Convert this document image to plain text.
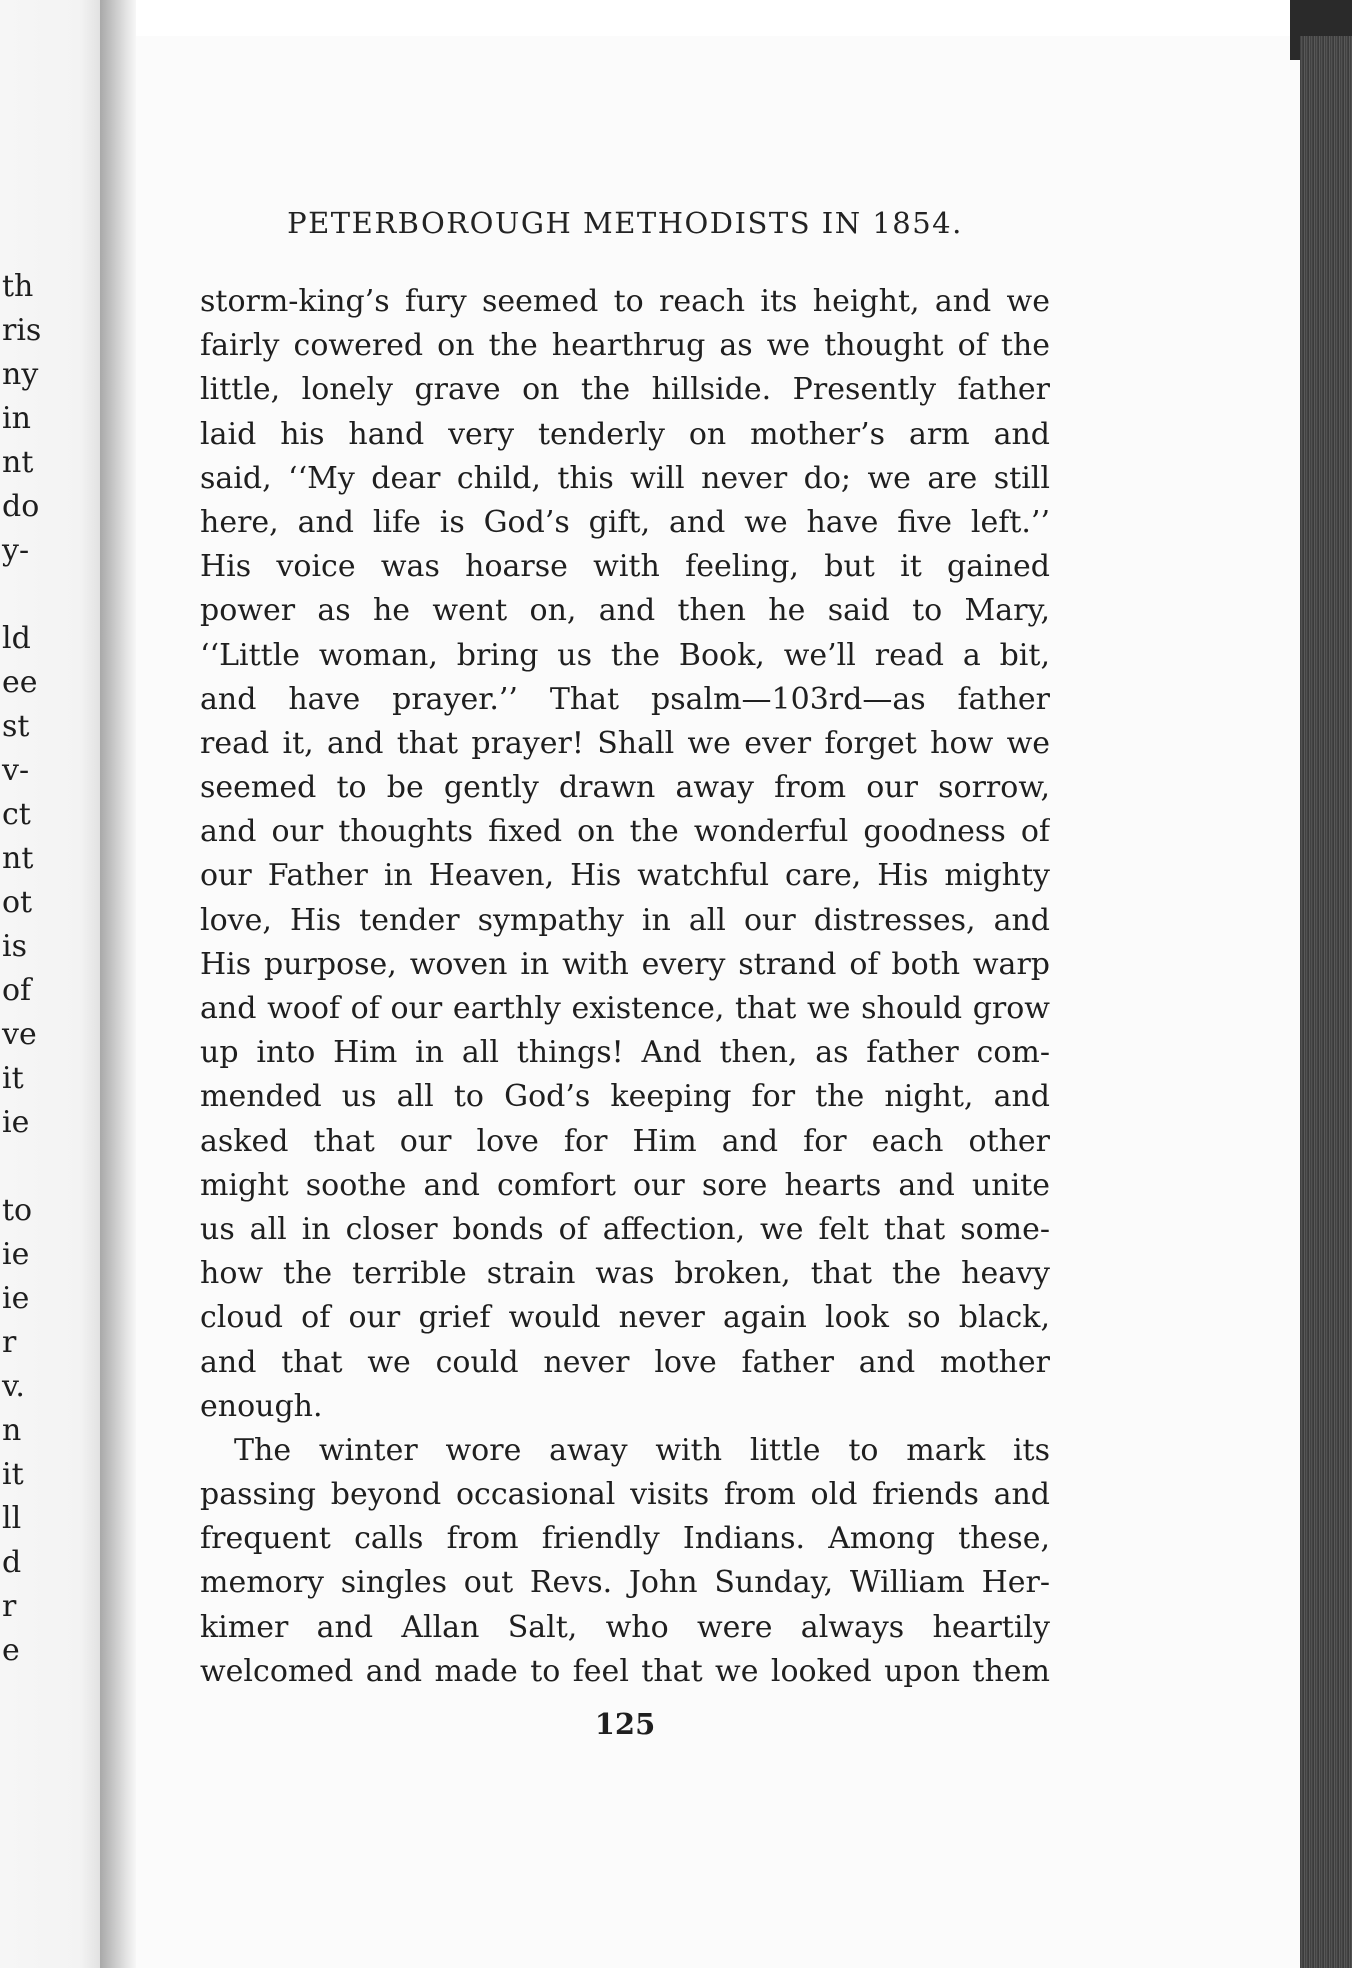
th
ris
ny
in
nt
do
y-
ld
ee
st
v-
ct
nt
ot
is
of
ve
it
ie
to
ie
ie
r
v.
n
it
ll
d
r
e
PETERBOROUGH METHODISTS IN 1854.
storm-king’s fury seemed to reach its height, and we
fairly cowered on the hearthrug as we thought of the
little, lonely grave on the hillside. Presently father
laid his hand very tenderly on mother’s arm and
said, ‘‘My dear child, this will never do; we are still
here, and life is God’s gift, and we have five left.’’
His voice was hoarse with feeling, but it gained
power as he went on, and then he said to Mary,
‘‘Little woman, bring us the Book, we’ll read a bit,
and have prayer.’’ That psalm—103rd—as father
read it, and that prayer! Shall we ever forget how we
seemed to be gently drawn away from our sorrow,
and our thoughts fixed on the wonderful goodness of
our Father in Heaven, His watchful care, His mighty
love, His tender sympathy in all our distresses, and
His purpose, woven in with every strand of both warp
and woof of our earthly existence, that we should grow
up into Him in all things! And then, as father com-
mended us all to God’s keeping for the night, and
asked that our love for Him and for each other
might soothe and comfort our sore hearts and unite
us all in closer bonds of affection, we felt that some-
how the terrible strain was broken, that the heavy
cloud of our grief would never again look so black,
and that we could never love father and mother
enough.
The winter wore away with little to mark its
passing beyond occasional visits from old friends and
frequent calls from friendly Indians. Among these,
memory singles out Revs. John Sunday, William Her-
kimer and Allan Salt, who were always heartily
welcomed and made to feel that we looked upon them
125
